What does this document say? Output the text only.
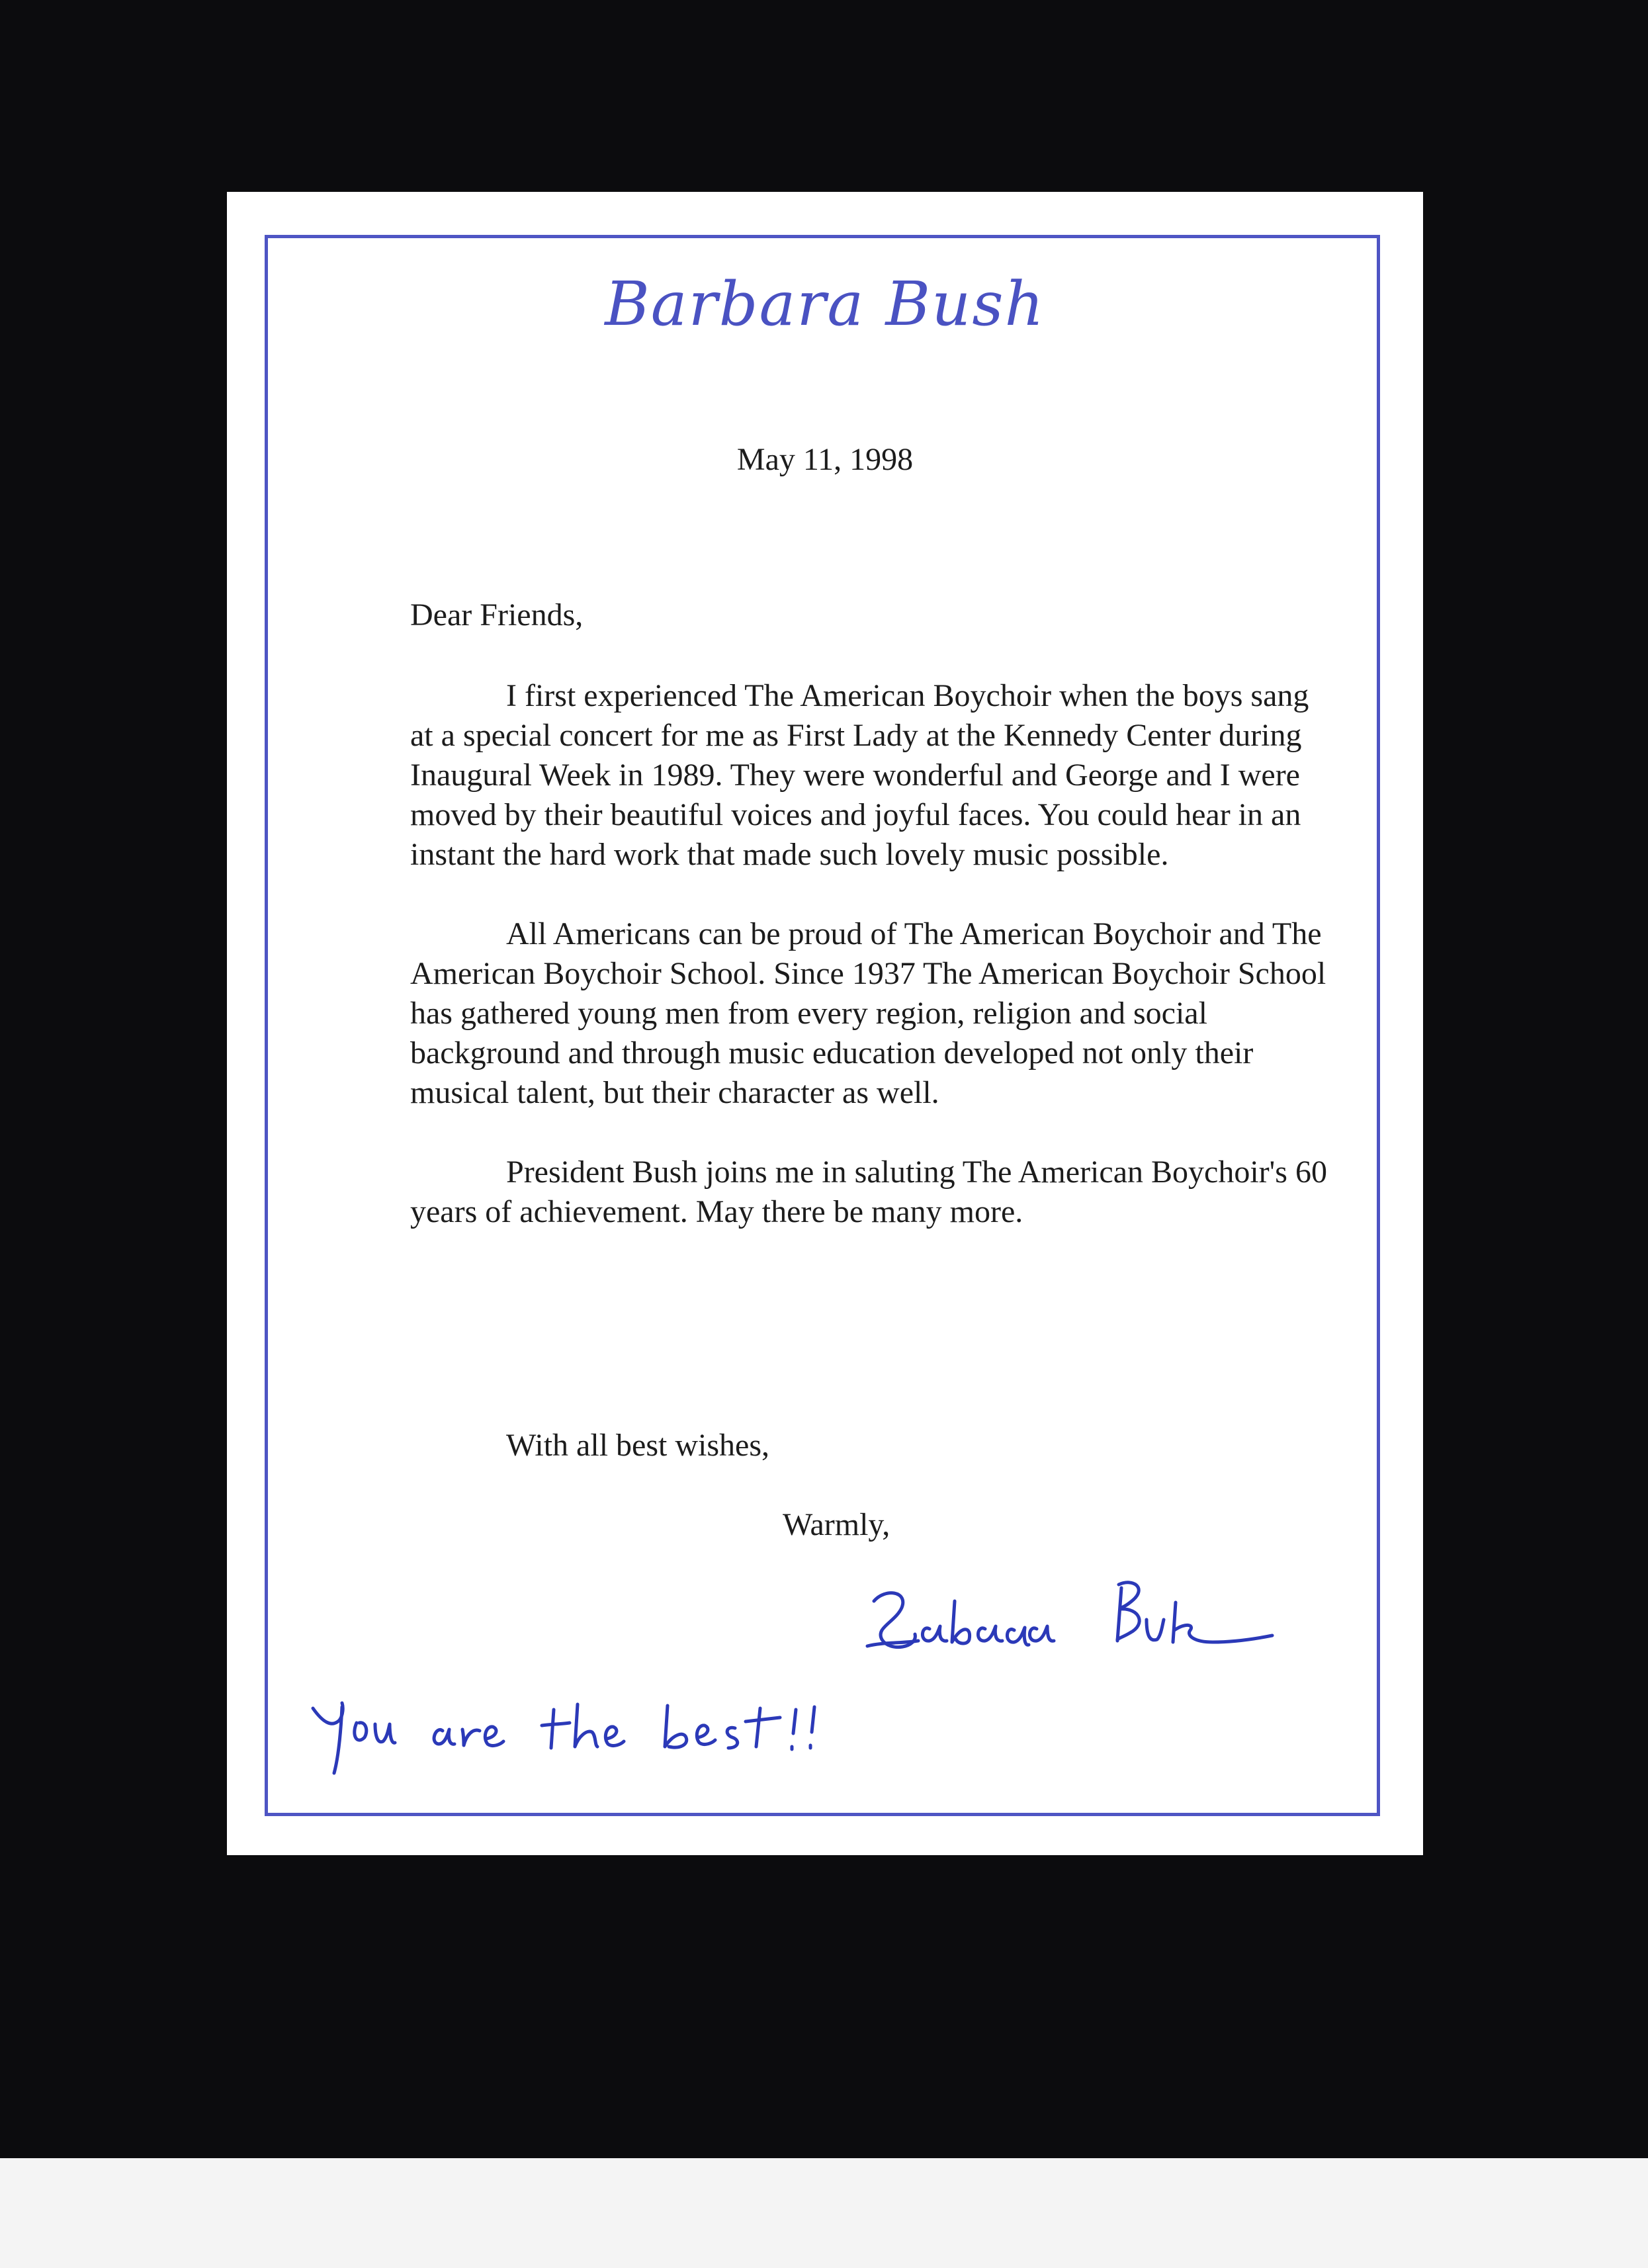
Barbara Bush
May 11, 1998
Dear Friends,

I first experienced The American Boychoir when the boys sang at a special concert for me as First Lady at the Kennedy Center during Inaugural Week in 1989. They were wonderful and George and I were moved by their beautiful voices and joyful faces. You could hear in an instant the hard work that made such lovely music possible.

All Americans can be proud of The American Boychoir and The American Boychoir School. Since 1937 The American Boychoir School has gathered young men from every region, religion and social background and through music education developed not only their musical talent, but their character as well.

President Bush joins me in saluting The American Boychoir's 60 years of achievement. May there be many more.

With all best wishes,
Warmly,
